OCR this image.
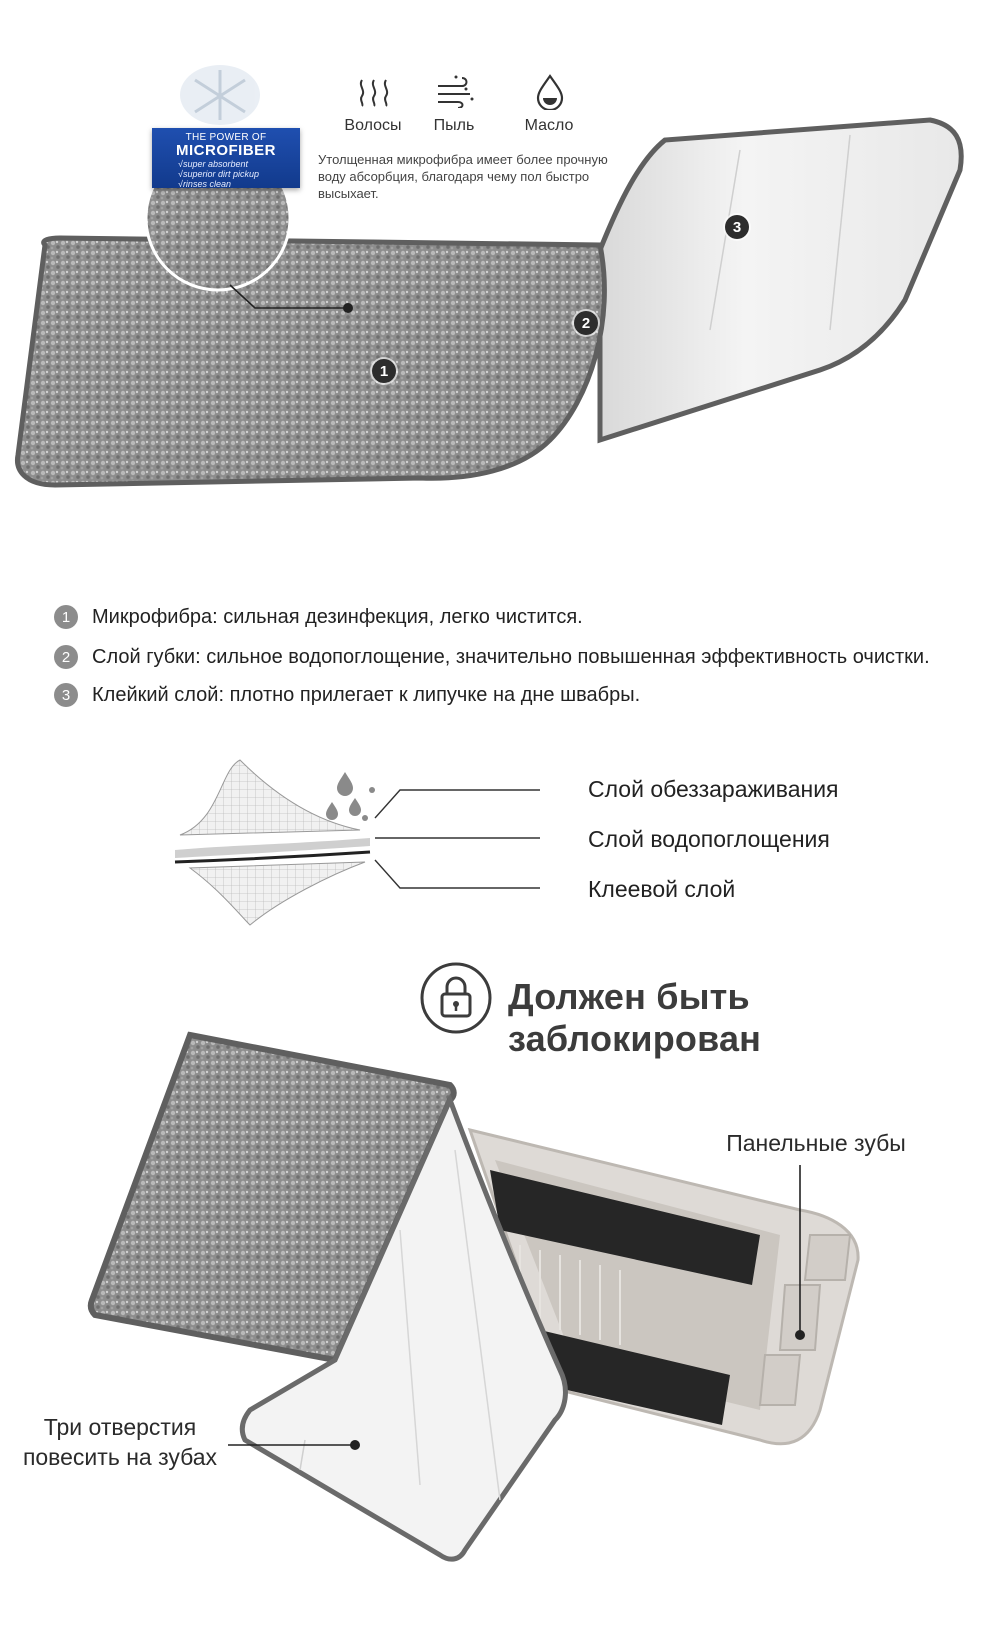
THE POWER OF
MICROFIBER
√super absorbent
√superior dirt pickup
√rinses clean
Волосы	Пыль	Масло
Утолщенная микрофибра имеет более прочную воду абсорбция, благодаря чему пол быстро высыхает.
1
2
3
1	Микрофибра: сильная дезинфекция, легко чистится.
2	Слой губки: сильное водопоглощение, значительно повышенная эффективность очистки.
3	Клейкий слой: плотно прилегает к липучке на дне швабры.
Слой обеззараживания
Слой водопоглощения
Клеевой слой
Должен быть заблокирован
Панельные зубы
Три отверстия
повесить на зубах
